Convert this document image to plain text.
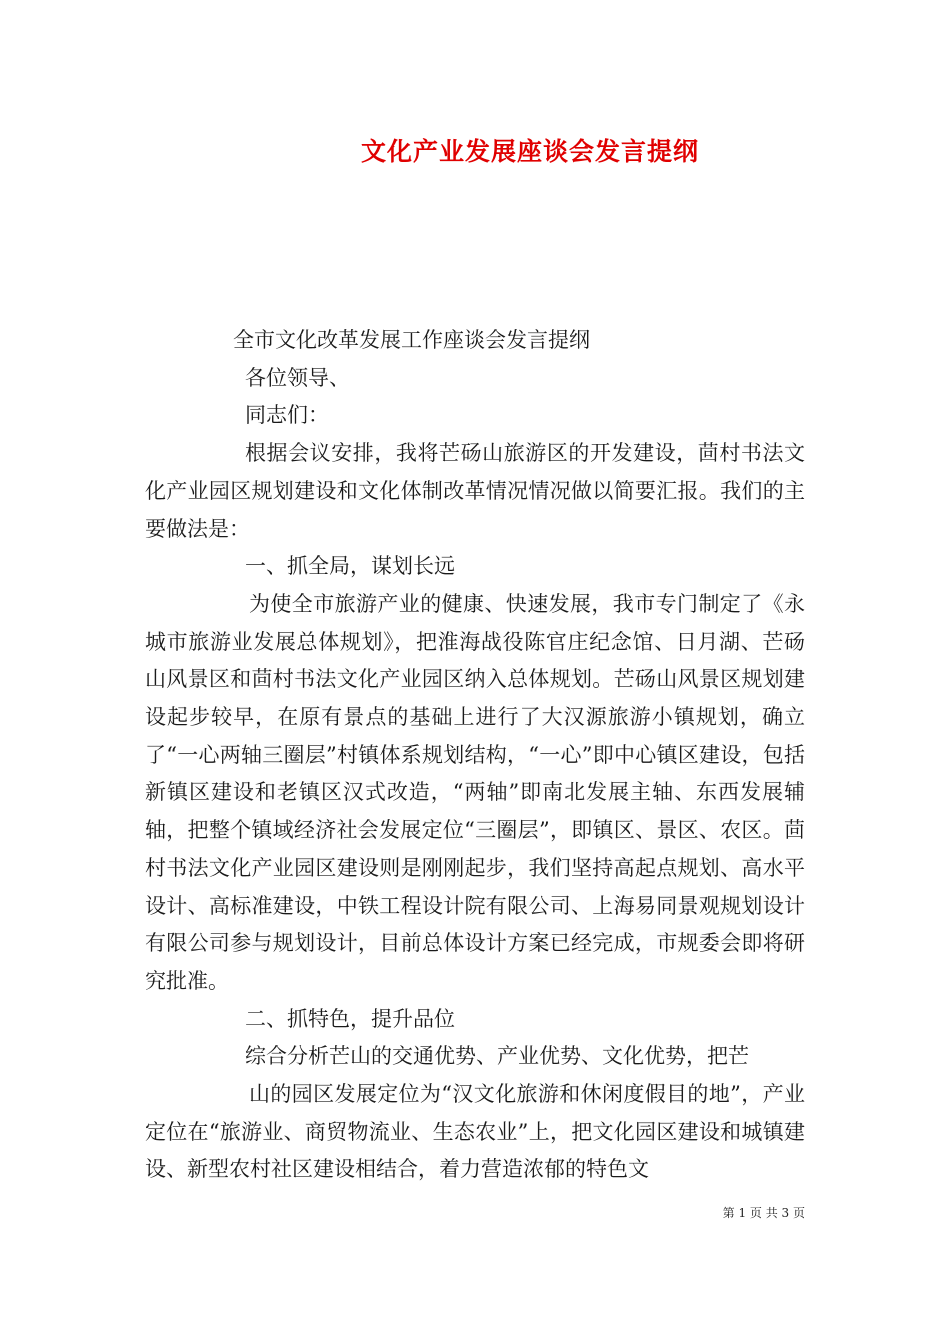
文化产业发展座谈会发言提纲

全市文化改革发展工作座谈会发言提纲

各位领导、

同志们：

根据会议安排，我将芒砀山旅游区的开发建设，茴村书法文化产业园区规划建设和文化体制改革情况情况做以简要汇报。我们的主要做法是：

一、抓全局，谋划长远

为使全市旅游产业的健康、快速发展，我市专门制定了《永城市旅游业发展总体规划》，把淮海战役陈官庄纪念馆、日月湖、芒砀山风景区和茴村书法文化产业园区纳入总体规划。芒砀山风景区规划建设起步较早，在原有景点的基础上进行了大汉源旅游小镇规划，确立了“一心两轴三圈层”村镇体系规划结构，“一心”即中心镇区建设，包括新镇区建设和老镇区汉式改造，“两轴”即南北发展主轴、东西发展辅轴，把整个镇域经济社会发展定位“三圈层”，即镇区、景区、农区。茴村书法文化产业园区建设则是刚刚起步，我们坚持高起点规划、高水平设计、高标准建设，中铁工程设计院有限公司、上海易同景观规划设计有限公司参与规划设计，目前总体设计方案已经完成，市规委会即将研究批准。

二、抓特色，提升品位

综合分析芒山的交通优势、产业优势、文化优势，把芒

山的园区发展定位为“汉文化旅游和休闲度假目的地”，产业定位在“旅游业、商贸物流业、生态农业”上，把文化园区建设和城镇建设、新型农村社区建设相结合，着力营造浓郁的特色文

第 1 页 共 3 页
